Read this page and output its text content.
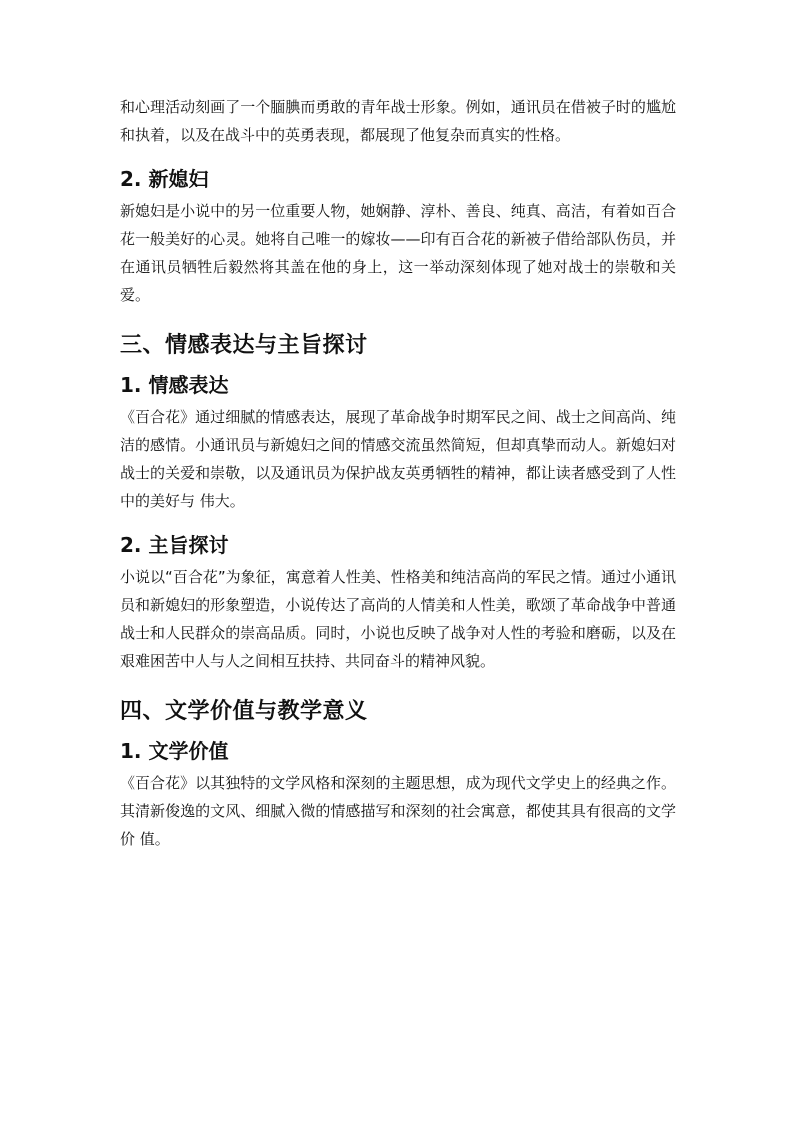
和心理活动刻画了一个腼腆而勇敢的青年战士形象。例如，通讯员在借被子时的尴尬和执着，以及在战斗中的英勇表现，都展现了他复杂而真实的性格。

2. 新媳妇

新媳妇是小说中的另一位重要人物，她娴静、淳朴、善良、纯真、高洁，有着如百合花一般美好的心灵。她将自己唯一的嫁妆——印有百合花的新被子借给部队伤员，并在通讯员牺牲后毅然将其盖在他的身上，这一举动深刻体现了她对战士的崇敬和关爱。

三、情感表达与主旨探讨
1. 情感表达

《百合花》通过细腻的情感表达，展现了革命战争时期军民之间、战士之间高尚、纯洁的感情。小通讯员与新媳妇之间的情感交流虽然简短，但却真挚而动人。新媳妇对战士的关爱和崇敬，以及通讯员为保护战友英勇牺牲的精神，都让读者感受到了人性中的美好与 伟大。

2. 主旨探讨

小说以“百合花”为象征，寓意着人性美、性格美和纯洁高尚的军民之情。通过小通讯员和新媳妇的形象塑造，小说传达了高尚的人情美和人性美，歌颂了革命战争中普通战士和人民群众的崇高品质。同时，小说也反映了战争对人性的考验和磨砺，以及在艰难困苦中人与人之间相互扶持、共同奋斗的精神风貌。

四、文学价值与教学意义
1. 文学价值

《百合花》以其独特的文学风格和深刻的主题思想，成为现代文学史上的经典之作。其清新俊逸的文风、细腻入微的情感描写和深刻的社会寓意，都使其具有很高的文学价 值。
